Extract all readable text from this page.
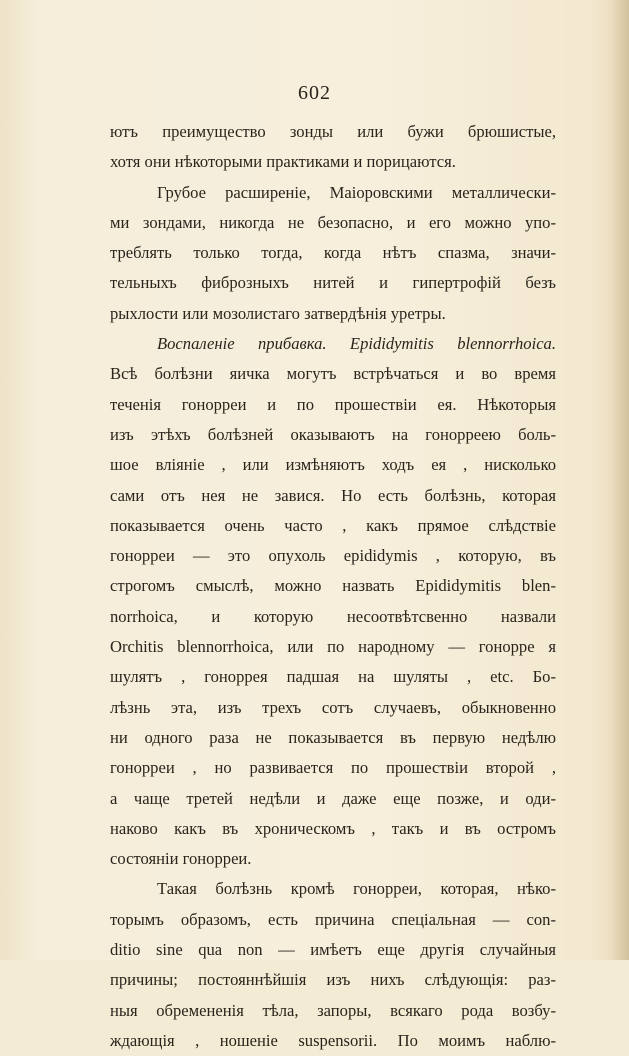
602
ютъ преимущество зонды или бужи брюшистые,
хотя они нѣкоторыми практиками и порицаются.
Грубое расширеніе, Маіоровскими металлически-
ми зондами, никогда не безопасно, и его можно упо-
треблять только тогда, когда нѣтъ спазма, значи-
тельныхъ фиброзныхъ нитей и гипертрофій безъ
рыхлости или мозолистаго затвердѣнія уретры.
Воспаленіе прибавка. Epididymitis blennorrhoica.
Всѣ болѣзни яичка могутъ встрѣчаться и во время
теченія гонорреи и по прошествіи ея. Нѣкоторыя
изъ этѣхъ болѣзней оказываютъ на гонорреею боль-
шое вліяніе , или измѣняютъ ходъ ея , нисколько
сами отъ нея не завися. Но есть болѣзнь, которая
показывается очень часто , какъ прямое слѣдствіе
гонорреи — это опухоль epididymis , которую, въ
строгомъ смыслѣ, можно назвать Epididymitis blen-
norrhoica, и которую несоотвѣтсвенно назвали
Orchitis blennorrhoica, или по народному — гонорре я
шулятъ , гоноррея падшая на шуляты , etc. Бо-
лѣзнь эта, изъ трехъ сотъ случаевъ, обыкновенно
ни одного раза не показывается въ первую недѣлю
гонорреи , но развивается по прошествіи второй ,
а чаще третей недѣли и даже еще позже, и оди-
наково какъ въ хроническомъ , такъ и въ остромъ
состояніи гонорреи.
Такая болѣзнь кромѣ гонорреи, которая, нѣко-
торымъ образомъ, есть причина спеціальная — con-
ditio sine qua non — имѣетъ еще другія случайныя
причины; постояннѣйшія изъ нихъ слѣдующія: раз-
ныя обремененія тѣла, запоры, всякаго рода возбу-
ждающія , ношеніе suspensorii. По моимъ наблю-
